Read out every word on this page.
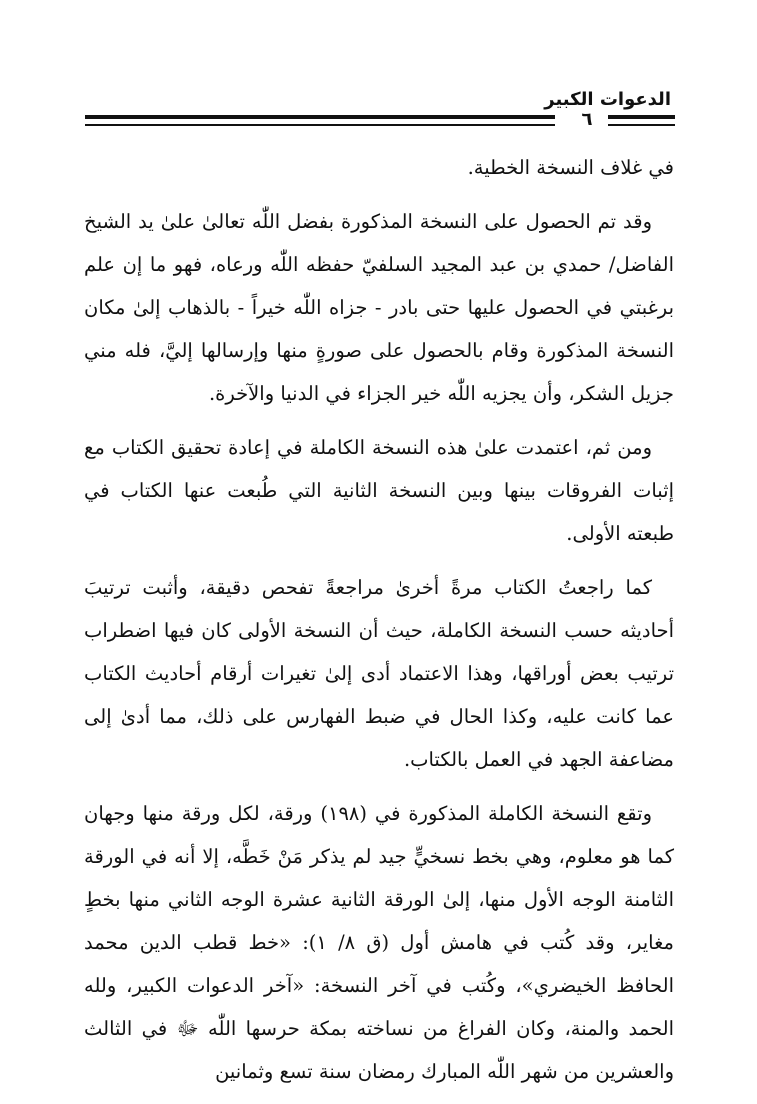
الدعوات الكبير
٦

في غلاف النسخة الخطية.

وقد تم الحصول على النسخة المذكورة بفضل اللّٰه تعالىٰ علىٰ يد الشيخ الفاضل/ حمدي بن عبد المجيد السلفيّ حفظه اللّٰه ورعاه، فهو ما إن علم برغبتي في الحصول عليها حتى بادر - جزاه اللّٰه خيراً - بالذهاب إلىٰ مكان النسخة المذكورة وقام بالحصول على صورةٍ منها وإرسالها إليَّ، فله مني جزيل الشكر، وأن يجزيه اللّٰه خير الجزاء في الدنيا والآخرة.

ومن ثم، اعتمدت علىٰ هذه النسخة الكاملة في إعادة تحقيق الكتاب مع إثبات الفروقات بينها وبين النسخة الثانية التي طُبعت عنها الكتاب في طبعته الأولى.

كما راجعتُ الكتاب مرةً أخرىٰ مراجعةً تفحص دقيقة، وأثبت ترتيبَ أحاديثه حسب النسخة الكاملة، حيث أن النسخة الأولى كان فيها اضطراب ترتيب بعض أوراقها، وهذا الاعتماد أدى إلىٰ تغيرات أرقام أحاديث الكتاب عما كانت عليه، وكذا الحال في ضبط الفهارس على ذلك، مما أدىٰ إلى مضاعفة الجهد في العمل بالكتاب.

وتقع النسخة الكاملة المذكورة في (١٩٨) ورقة، لكل ورقة منها وجهان كما هو معلوم، وهي بخط نسخيٍّ جيد لم يذكر مَنْ خَطَّه، إلا أنه في الورقة الثامنة الوجه الأول منها، إلىٰ الورقة الثانية عشرة الوجه الثاني منها بخطٍ مغاير، وقد كُتب في هامش أول (ق ٨/ ١): «خط قطب الدين محمد الحافظ الخيضري»، وكُتب في آخر النسخة: «آخر الدعوات الكبير، ولله الحمد والمنة، وكان الفراغ من نساخته بمكة حرسها اللّٰه ﷻ في الثالث والعشرين من شهر اللّٰه المبارك رمضان سنة تسع وثمانين
